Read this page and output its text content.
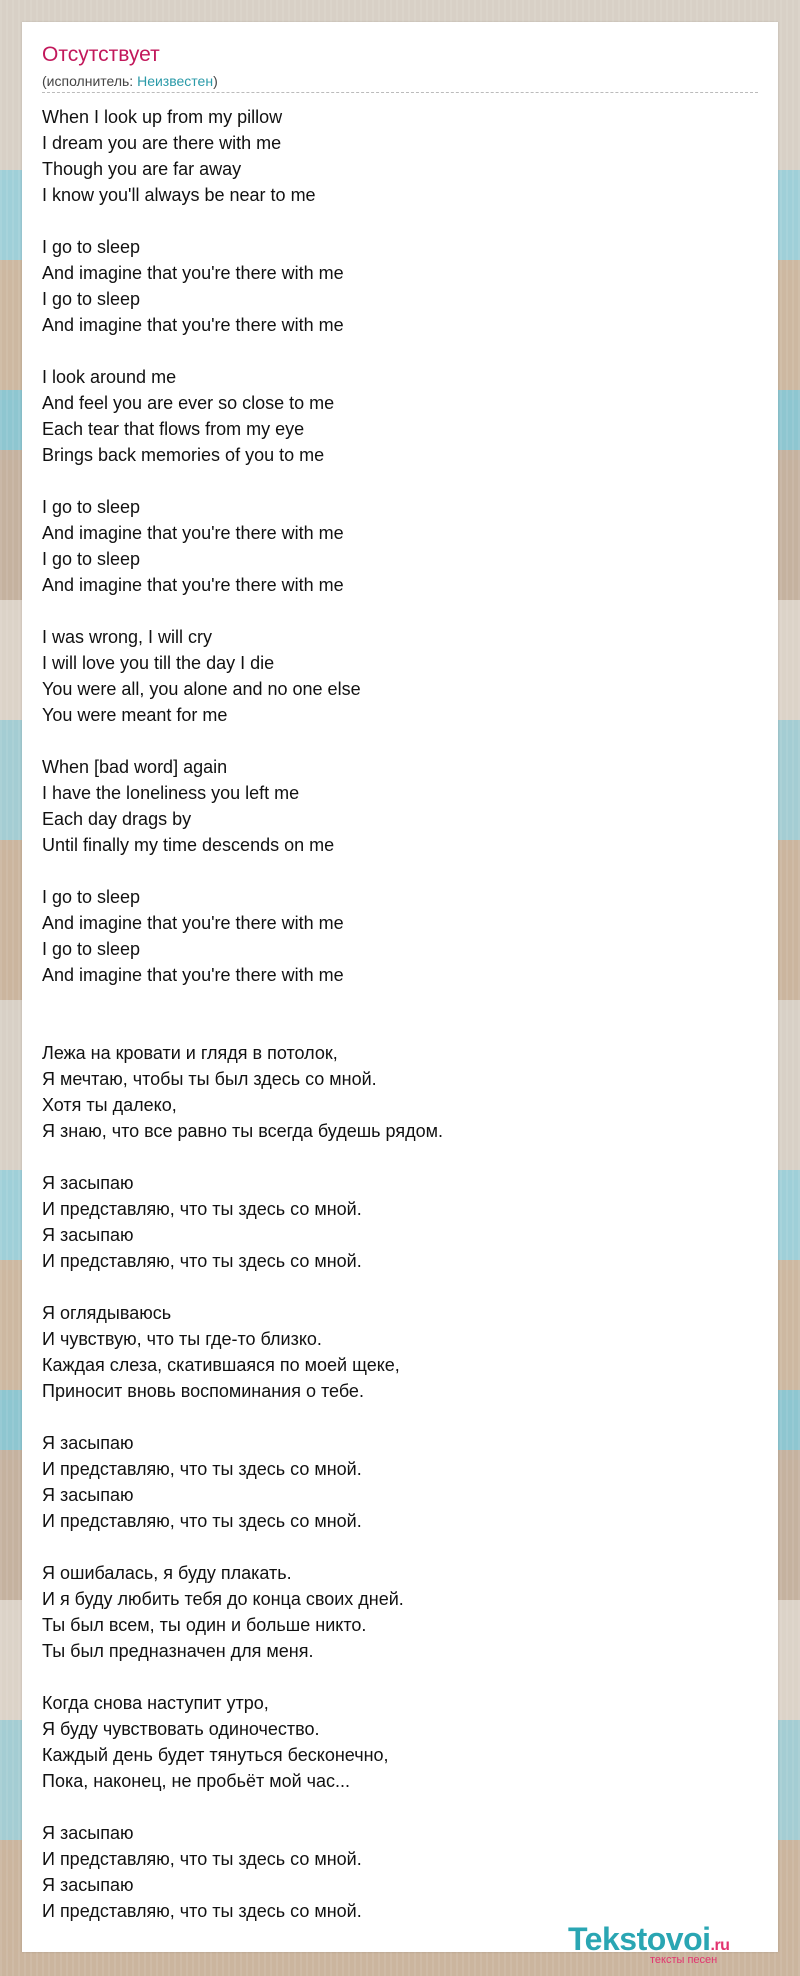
Отсутствует
(исполнитель: Неизвестен)
When I look up from my pillow
I dream you are there with me
Though you are far away
I know you'll always be near to me
I go to sleep
And imagine that you're there with me
I go to sleep
And imagine that you're there with me
I look around me
And feel you are ever so close to me
Each tear that flows from my eye
Brings back memories of you to me
I go to sleep
And imagine that you're there with me
I go to sleep
And imagine that you're there with me
I was wrong, I will cry
I will love you till the day I die
You were all, you alone and no one else
You were meant for me
When [bad word] again
I have the loneliness you left me
Each day drags by
Until finally my time descends on me
I go to sleep
And imagine that you're there with me
I go to sleep
And imagine that you're there with me
Лежа на кровати и глядя в потолок,
Я мечтаю, чтобы ты был здесь со мной.
Хотя ты далеко,
Я знаю, что все равно ты всегда будешь рядом.
Я засыпаю
И представляю, что ты здесь со мной.
Я засыпаю
И представляю, что ты здесь со мной.
Я оглядываюсь
И чувствую, что ты где-то близко.
Каждая слеза, скатившаяся по моей щеке,
Приносит вновь воспоминания о тебе.
Я засыпаю
И представляю, что ты здесь со мной.
Я засыпаю
И представляю, что ты здесь со мной.
Я ошибалась, я буду плакать.
И я буду любить тебя до конца своих дней.
Ты был всем, ты один и больше никто.
Ты был предназначен для меня.
Когда снова наступит утро,
Я буду чувствовать одиночество.
Каждый день будет тянуться бесконечно,
Пока, наконец, не пробьёт мой час...
Я засыпаю
И представляю, что ты здесь со мной.
Я засыпаю
И представляю, что ты здесь со мной.
Tekstovoi.ru
тексты песен
